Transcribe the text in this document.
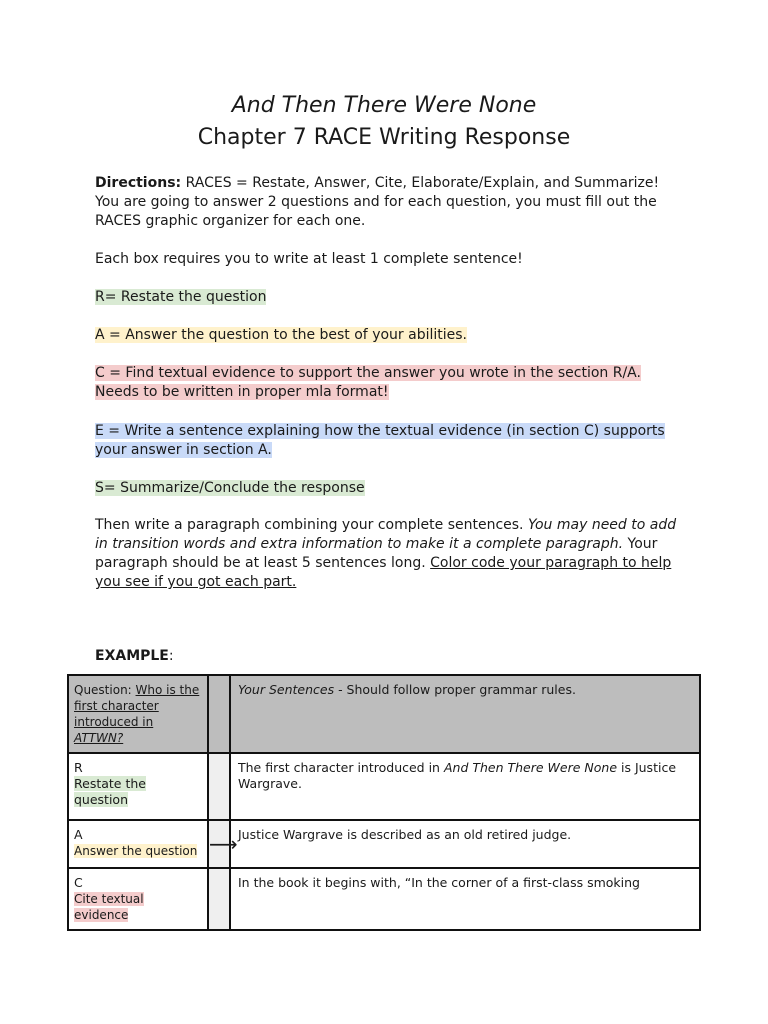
And Then There Were None
Chapter 7 RACE Writing Response

Directions: RACES = Restate, Answer, Cite, Elaborate/Explain, and Summarize! You are going to answer 2 questions and for each question, you must fill out the RACES graphic organizer for each one.

Each box requires you to write at least 1 complete sentence!

R= Restate the question

A = Answer the question to the best of your abilities.

C = Find textual evidence to support the answer you wrote in the section R/A.

Needs to be written in proper mla format!

E = Write a sentence explaining how the textual evidence (in section C) supports

your answer in section A.

S= Summarize/Conclude the response

Then write a paragraph combining your complete sentences. You may need to add in transition words and extra information to make it a complete paragraph. Your paragraph should be at least 5 sentences long. Color code your paragraph to help you see if you got each part.

EXAMPLE:

Question: Who is the first character introduced in ATTWN?		Your Sentences - Should follow proper grammar rules.

R
Restate the question		The first character introduced in And Then There Were None is Justice Wargrave.

A
Answer the question	⟶	Justice Wargrave is described as an old retired judge.

C
Cite textual evidence		In the book it begins with, “In the corner of a first-class smoking
